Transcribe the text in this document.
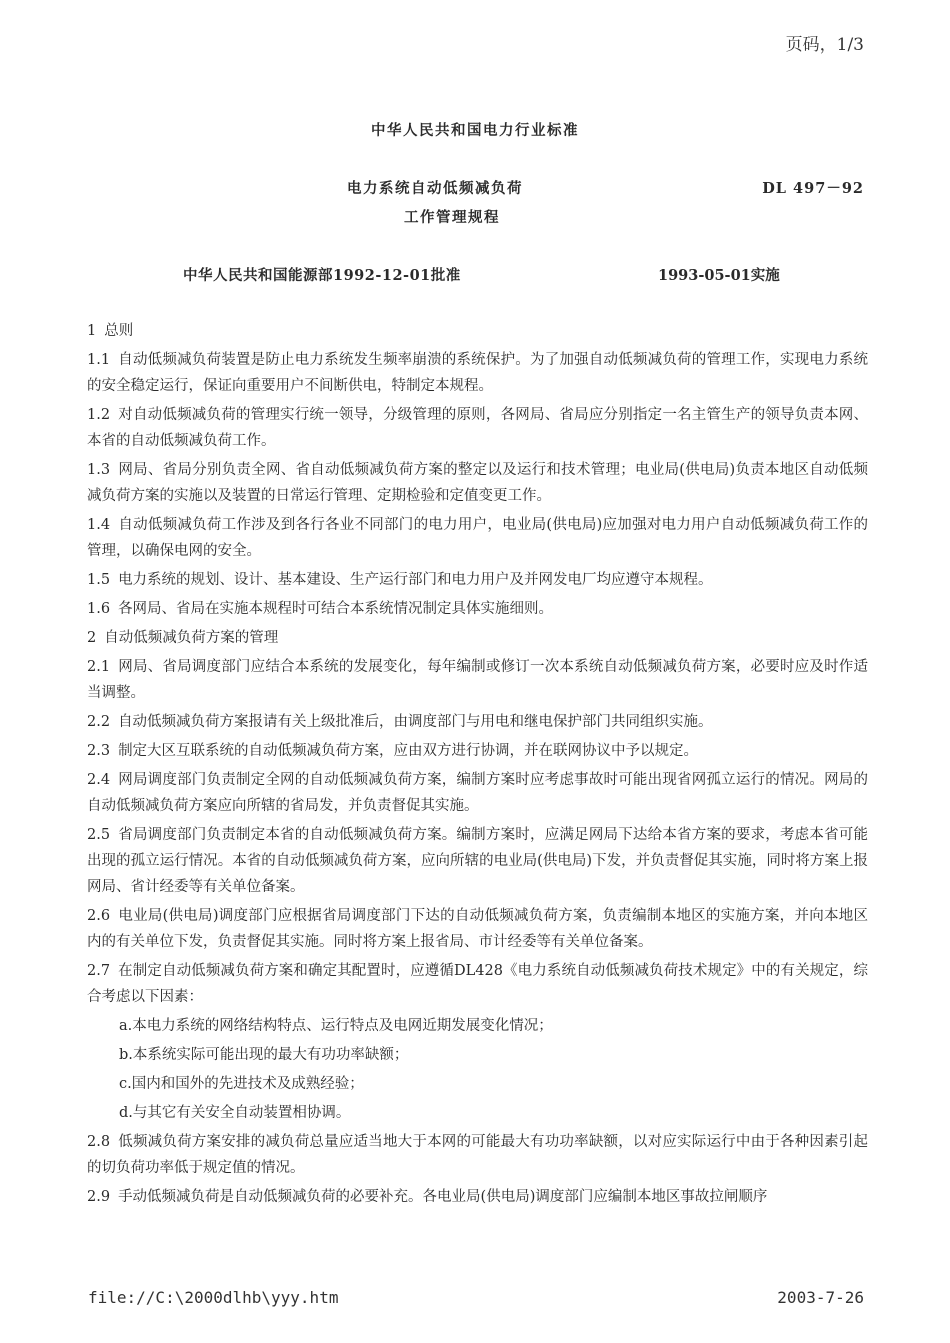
页码，1/3
中华人民共和国电力行业标准
电力系统自动低频减负荷	DL 497－92
工作管理规程
中华人民共和国能源部1992-12-01批准	1993-05-01实施
1 总则
1.1 自动低频减负荷装置是防止电力系统发生频率崩溃的系统保护。为了加强自动低频减负荷的管理工作，实现电力系统的安全稳定运行，保证向重要用户不间断供电，特制定本规程。
1.2 对自动低频减负荷的管理实行统一领导，分级管理的原则，各网局、省局应分别指定一名主管生产的领导负责本网、本省的自动低频减负荷工作。
1.3 网局、省局分别负责全网、省自动低频减负荷方案的整定以及运行和技术管理；电业局(供电局)负责本地区自动低频减负荷方案的实施以及装置的日常运行管理、定期检验和定值变更工作。
1.4 自动低频减负荷工作涉及到各行各业不同部门的电力用户，电业局(供电局)应加强对电力用户自动低频减负荷工作的管理，以确保电网的安全。
1.5 电力系统的规划、设计、基本建设、生产运行部门和电力用户及并网发电厂均应遵守本规程。
1.6 各网局、省局在实施本规程时可结合本系统情况制定具体实施细则。
2 自动低频减负荷方案的管理
2.1 网局、省局调度部门应结合本系统的发展变化，每年编制或修订一次本系统自动低频减负荷方案，必要时应及时作适当调整。
2.2 自动低频减负荷方案报请有关上级批准后，由调度部门与用电和继电保护部门共同组织实施。
2.3 制定大区互联系统的自动低频减负荷方案，应由双方进行协调，并在联网协议中予以规定。
2.4 网局调度部门负责制定全网的自动低频减负荷方案，编制方案时应考虑事故时可能出现省网孤立运行的情况。网局的自动低频减负荷方案应向所辖的省局发，并负责督促其实施。
2.5 省局调度部门负责制定本省的自动低频减负荷方案。编制方案时，应满足网局下达给本省方案的要求，考虑本省可能出现的孤立运行情况。本省的自动低频减负荷方案，应向所辖的电业局(供电局)下发，并负责督促其实施，同时将方案上报网局、省计经委等有关单位备案。
2.6 电业局(供电局)调度部门应根据省局调度部门下达的自动低频减负荷方案，负责编制本地区的实施方案，并向本地区内的有关单位下发，负责督促其实施。同时将方案上报省局、市计经委等有关单位备案。
2.7 在制定自动低频减负荷方案和确定其配置时，应遵循DL428《电力系统自动低频减负荷技术规定》中的有关规定，综合考虑以下因素：
a.本电力系统的网络结构特点、运行特点及电网近期发展变化情况；
b.本系统实际可能出现的最大有功功率缺额；
c.国内和国外的先进技术及成熟经验；
d.与其它有关安全自动装置相协调。
2.8 低频减负荷方案安排的减负荷总量应适当地大于本网的可能最大有功功率缺额，以对应实际运行中由于各种因素引起的切负荷功率低于规定值的情况。
2.9 手动低频减负荷是自动低频减负荷的必要补充。各电业局(供电局)调度部门应编制本地区事故拉闸顺序
file://C:\2000dlhb\yyy.htm	2003-7-26
